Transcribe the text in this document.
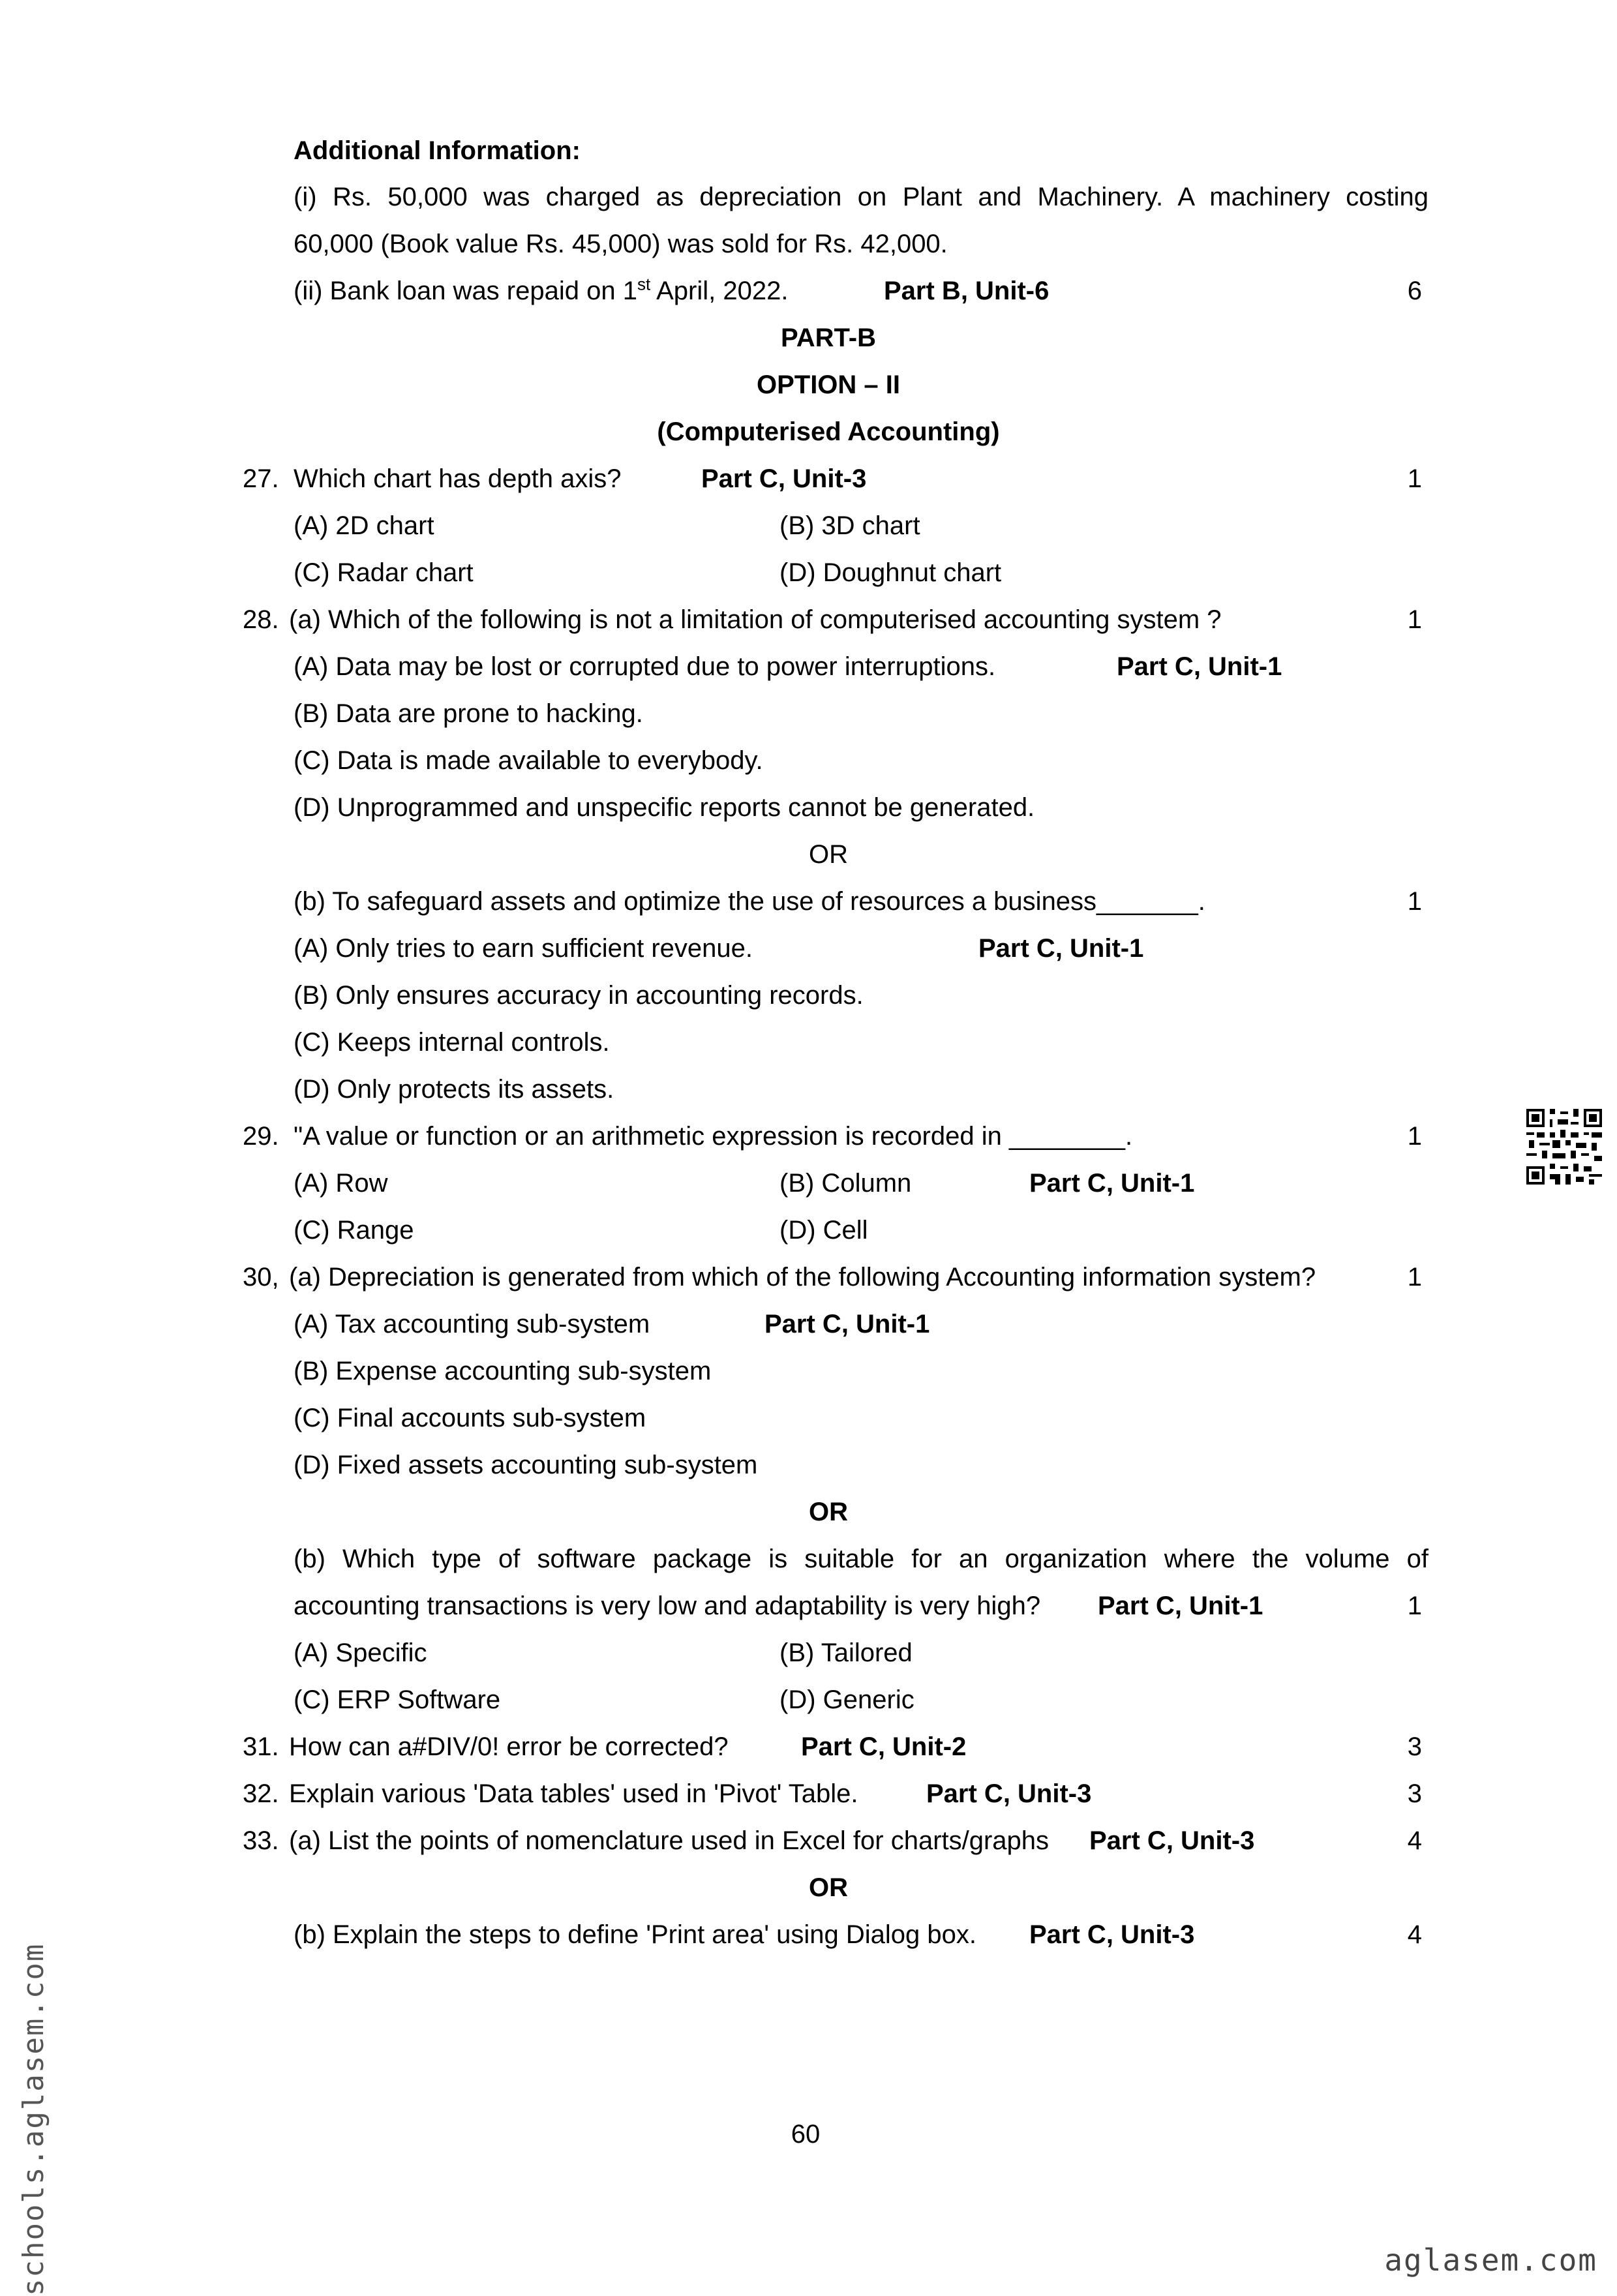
Additional Information:
(i) Rs. 50,000 was charged as depreciation on Plant and Machinery. A machinery costing
60,000 (Book value Rs. 45,000) was sold for Rs. 42,000.
(ii) Bank loan was repaid on 1st April, 2022.	Part B, Unit-6	6
PART-B
OPTION – II
(Computerised Accounting)
27. Which chart has depth axis?	Part C, Unit-3	1
(A) 2D chart	(B) 3D chart
(C) Radar chart	(D) Doughnut chart
28. (a) Which of the following is not a limitation of computerised accounting system ?	1
(A) Data may be lost or corrupted due to power interruptions.	Part C, Unit-1
(B) Data are prone to hacking.
(C) Data is made available to everybody.
(D) Unprogrammed and unspecific reports cannot be generated.
OR
(b) To safeguard assets and optimize the use of resources a business_______.	1
(A) Only tries to earn sufficient revenue.	Part C, Unit-1
(B) Only ensures accuracy in accounting records.
(C) Keeps internal controls.
(D) Only protects its assets.
29. "A value or function or an arithmetic expression is recorded in ________.	1
(A) Row	(B) Column	Part C, Unit-1
(C) Range	(D) Cell
30, (a) Depreciation is generated from which of the following Accounting information system?	1
(A) Tax accounting sub-system	Part C, Unit-1
(B) Expense accounting sub-system
(C) Final accounts sub-system
(D) Fixed assets accounting sub-system
OR
(b) Which type of software package is suitable for an organization where the volume of
accounting transactions is very low and adaptability is very high? Part C, Unit-1	1
(A) Specific	(B) Tailored
(C) ERP Software	(D) Generic
31. How can a#DIV/0! error be corrected?	Part C, Unit-2	3
32. Explain various 'Data tables' used in 'Pivot' Table.	Part C, Unit-3	3
33. (a) List the points of nomenclature used in Excel for charts/graphs Part C, Unit-3	4
OR
(b) Explain the steps to define 'Print area' using Dialog box. Part C, Unit-3	4
60
schools.aglasem.com	aglasem.com
